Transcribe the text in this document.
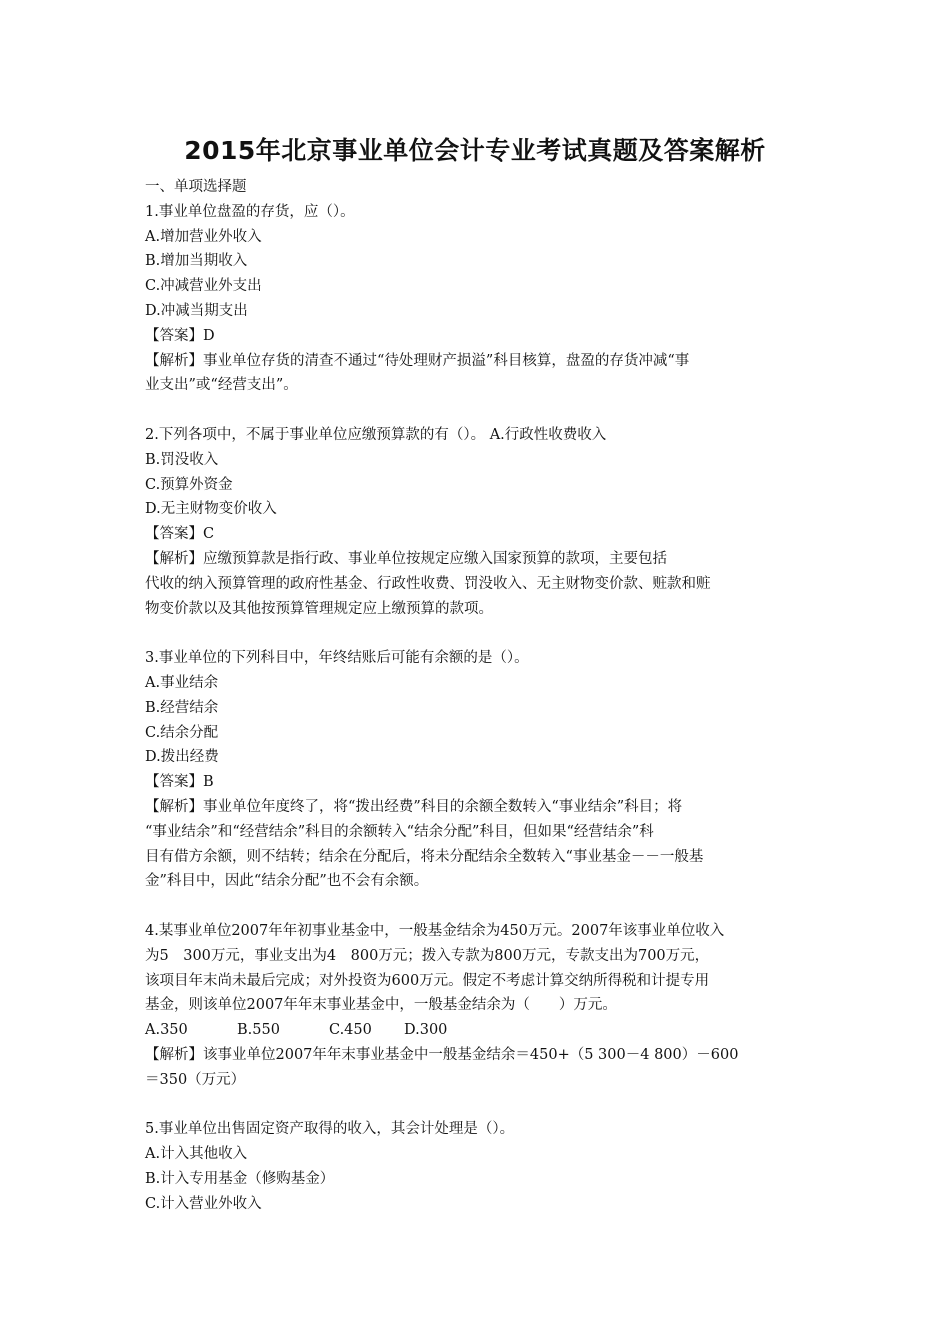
2015年北京事业单位会计专业考试真题及答案解析
一、单项选择题
1.事业单位盘盈的存货，应（）。
A.增加营业外收入
B.增加当期收入
C.冲减营业外支出
D.冲减当期支出
【答案】D
【解析】事业单位存货的清查不通过“待处理财产损溢”科目核算，盘盈的存货冲减“事
业支出”或“经营支出”。
2.下列各项中，不属于事业单位应缴预算款的有（）。 A.行政性收费收入
B.罚没收入
C.预算外资金
D.无主财物变价收入
【答案】C
【解析】应缴预算款是指行政、事业单位按规定应缴入国家预算的款项，主要包括
代收的纳入预算管理的政府性基金、行政性收费、罚没收入、无主财物变价款、赃款和赃
物变价款以及其他按预算管理规定应上缴预算的款项。
3.事业单位的下列科目中，年终结账后可能有余额的是（）。
A.事业结余
B.经营结余
C.结余分配
D.拨出经费
【答案】B
【解析】事业单位年度终了，将“拨出经费”科目的余额全数转入“事业结余”科目；将
“事业结余”和“经营结余”科目的余额转入“结余分配”科目，但如果“经营结余”科
目有借方余额，则不结转；结余在分配后，将未分配结余全数转入“事业基金－－一般基
金”科目中，因此“结余分配”也不会有余额。
4.某事业单位2007年年初事业基金中，一般基金结余为450万元。2007年该事业单位收入
为5　300万元，事业支出为4　800万元；拨入专款为800万元，专款支出为700万元，
该项目年末尚未最后完成；对外投资为600万元。假定不考虑计算交纳所得税和计提专用
基金，则该单位2007年年末事业基金中，一般基金结余为（　　）万元。
A.350	B.550	C.450 D.300
【解析】该事业单位2007年年末事业基金中一般基金结余＝450+（5 300－4 800）－600
＝350（万元）
5.事业单位出售固定资产取得的收入，其会计处理是（）。
A.计入其他收入
B.计入专用基金（修购基金）
C.计入营业外收入
